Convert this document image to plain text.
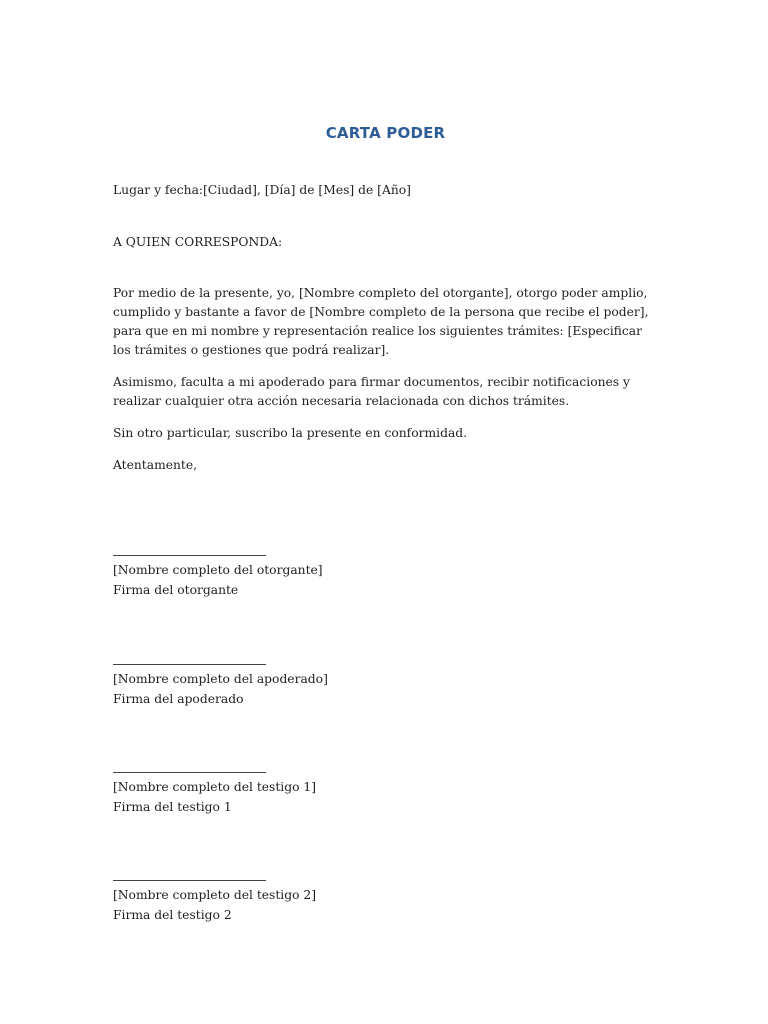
CARTA PODER
Lugar y fecha:[Ciudad], [Día] de [Mes] de [Año]
A QUIEN CORRESPONDA:
Por medio de la presente, yo, [Nombre completo del otorgante], otorgo poder amplio, cumplido y bastante a favor de [Nombre completo de la persona que recibe el poder], para que en mi nombre y representación realice los siguientes trámites: [Especificar los trámites o gestiones que podrá realizar].
Asimismo, faculta a mi apoderado para firmar documentos, recibir notificaciones y realizar cualquier otra acción necesaria relacionada con dichos trámites.
Sin otro particular, suscribo la presente en conformidad.
Atentamente,
[Nombre completo del otorgante]
Firma del otorgante
[Nombre completo del apoderado]
Firma del apoderado
[Nombre completo del testigo 1]
Firma del testigo 1
[Nombre completo del testigo 2]
Firma del testigo 2
